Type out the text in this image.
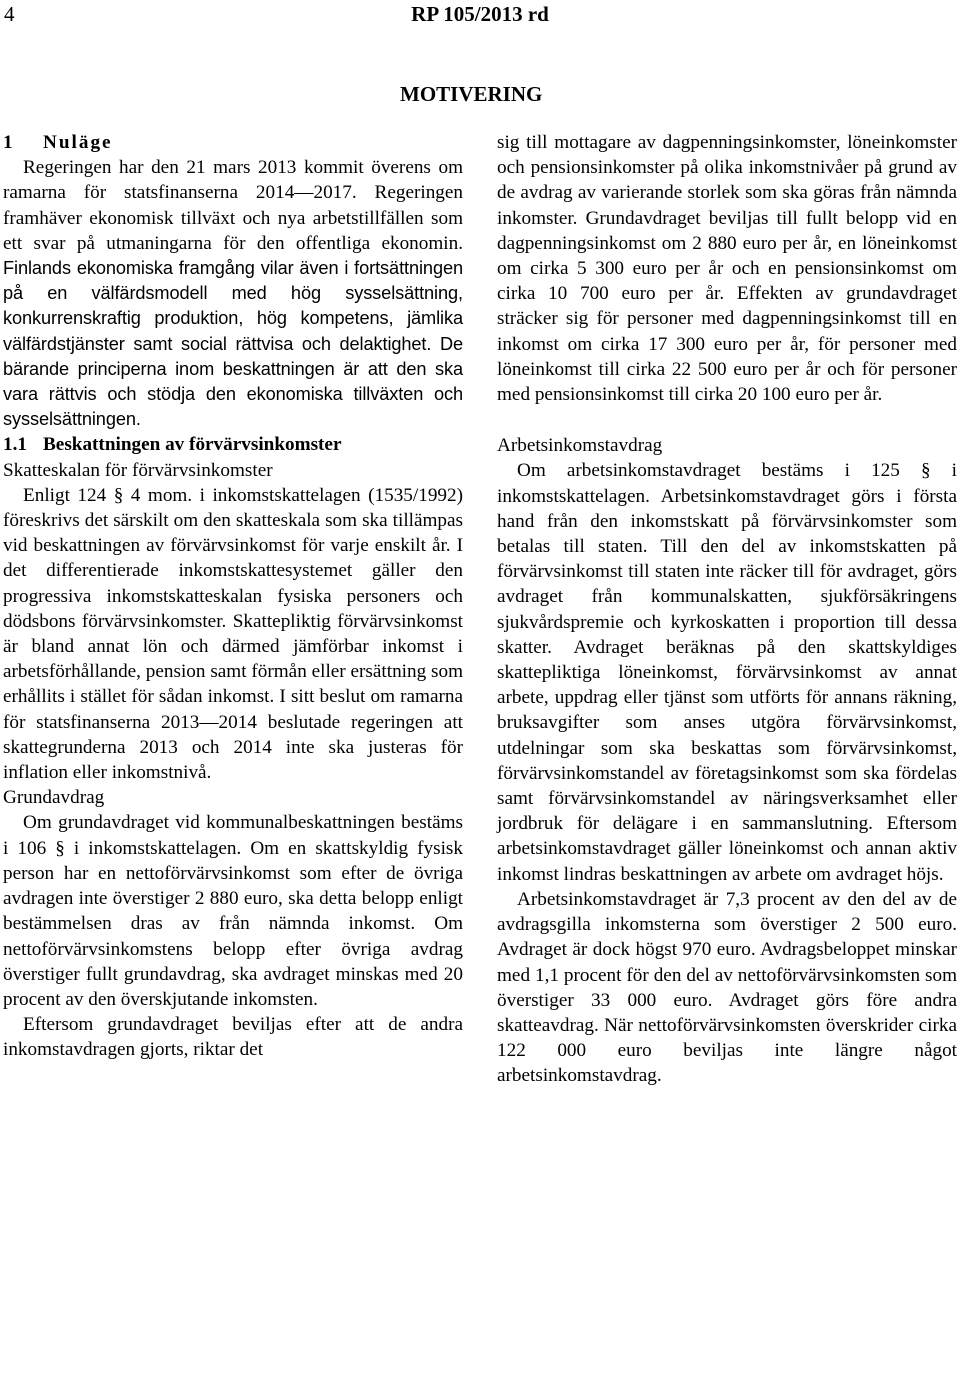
4	RP 105/2013 rd
MOTIVERING

1 Nuläge

Regeringen har den 21 mars 2013 kommit överens om ramarna för statsfinanserna 2014—2017. Regeringen framhäver ekonomisk tillväxt och nya arbetstillfällen som ett svar på utmaningarna för den offentliga ekonomin. Finlands ekonomiska framgång vilar även i fortsättningen på en välfärdsmodell med hög sysselsättning, konkurrenskraftig produktion, hög kompetens, jämlika välfärdstjänster samt social rättvisa och delaktighet. De bärande principerna inom beskattningen är att den ska vara rättvis och stödja den ekonomiska tillväxten och sysselsättningen.

1.1 Beskattningen av förvärvsinkomster

Skatteskalan för förvärvsinkomster

Enligt 124 § 4 mom. i inkomstskattelagen (1535/1992) föreskrivs det särskilt om den skatteskala som ska tillämpas vid beskattningen av förvärvsinkomst för varje enskilt år. I det differentierade inkomstskattesystemet gäller den progressiva inkomstskatteskalan fysiska personers och dödsbons förvärvsinkomster. Skattepliktig förvärvsinkomst är bland annat lön och därmed jämförbar inkomst i arbetsförhållande, pension samt förmån eller ersättning som erhållits i stället för sådan inkomst. I sitt beslut om ramarna för statsfinanserna 2013—2014 beslutade regeringen att skattegrunderna 2013 och 2014 inte ska justeras för inflation eller inkomstnivå.

Grundavdrag

Om grundavdraget vid kommunalbeskattningen bestäms i 106 § i inkomstskattelagen. Om en skattskyldig fysisk person har en nettoförvärvsinkomst som efter de övriga avdragen inte överstiger 2 880 euro, ska detta belopp enligt bestämmelsen dras av från nämnda inkomst. Om nettoförvärvsinkomstens belopp efter övriga avdrag överstiger fullt grundavdrag, ska avdraget minskas med 20 procent av den överskjutande inkomsten.

Eftersom grundavdraget beviljas efter att de andra inkomstavdragen gjorts, riktar det

sig till mottagare av dagpenningsinkomster, löneinkomster och pensionsinkomster på olika inkomstnivåer på grund av de avdrag av varierande storlek som ska göras från nämnda inkomster. Grundavdraget beviljas till fullt belopp vid en dagpenningsinkomst om 2 880 euro per år, en löneinkomst om cirka 5 300 euro per år och en pensionsinkomst om cirka 10 700 euro per år. Effekten av grundavdraget sträcker sig för personer med dagpenningsinkomst till en inkomst om cirka 17 300 euro per år, för personer med löneinkomst till cirka 22 500 euro per år och för personer med pensionsinkomst till cirka 20 100 euro per år.

Arbetsinkomstavdrag

Om arbetsinkomstavdraget bestäms i 125 § i inkomstskattelagen. Arbetsinkomstavdraget görs i första hand från den inkomstskatt på förvärvsinkomster som betalas till staten. Till den del av inkomstskatten på förvärvsinkomst till staten inte räcker till för avdraget, görs avdraget från kommunalskatten, sjukförsäkringens sjukvårdspremie och kyrkoskatten i proportion till dessa skatter. Avdraget beräknas på den skattskyldiges skattepliktiga löneinkomst, förvärvsinkomst av annat arbete, uppdrag eller tjänst som utförts för annans räkning, bruksavgifter som anses utgöra förvärvsinkomst, utdelningar som ska beskattas som förvärvsinkomst, förvärvsinkomstandel av företagsinkomst som ska fördelas samt förvärvsinkomstandel av näringsverksamhet eller jordbruk för delägare i en sammanslutning. Eftersom arbetsinkomstavdraget gäller löneinkomst och annan aktiv inkomst lindras beskattningen av arbete om avdraget höjs.

Arbetsinkomstavdraget är 7,3 procent av den del av de avdragsgilla inkomsterna som överstiger 2 500 euro. Avdraget är dock högst 970 euro. Avdragsbeloppet minskar med 1,1 procent för den del av nettoförvärvsinkomsten som överstiger 33 000 euro. Avdraget görs före andra skatteavdrag. När nettoförvärvsinkomsten överskrider cirka 122 000 euro beviljas inte längre något arbetsinkomstavdrag.
